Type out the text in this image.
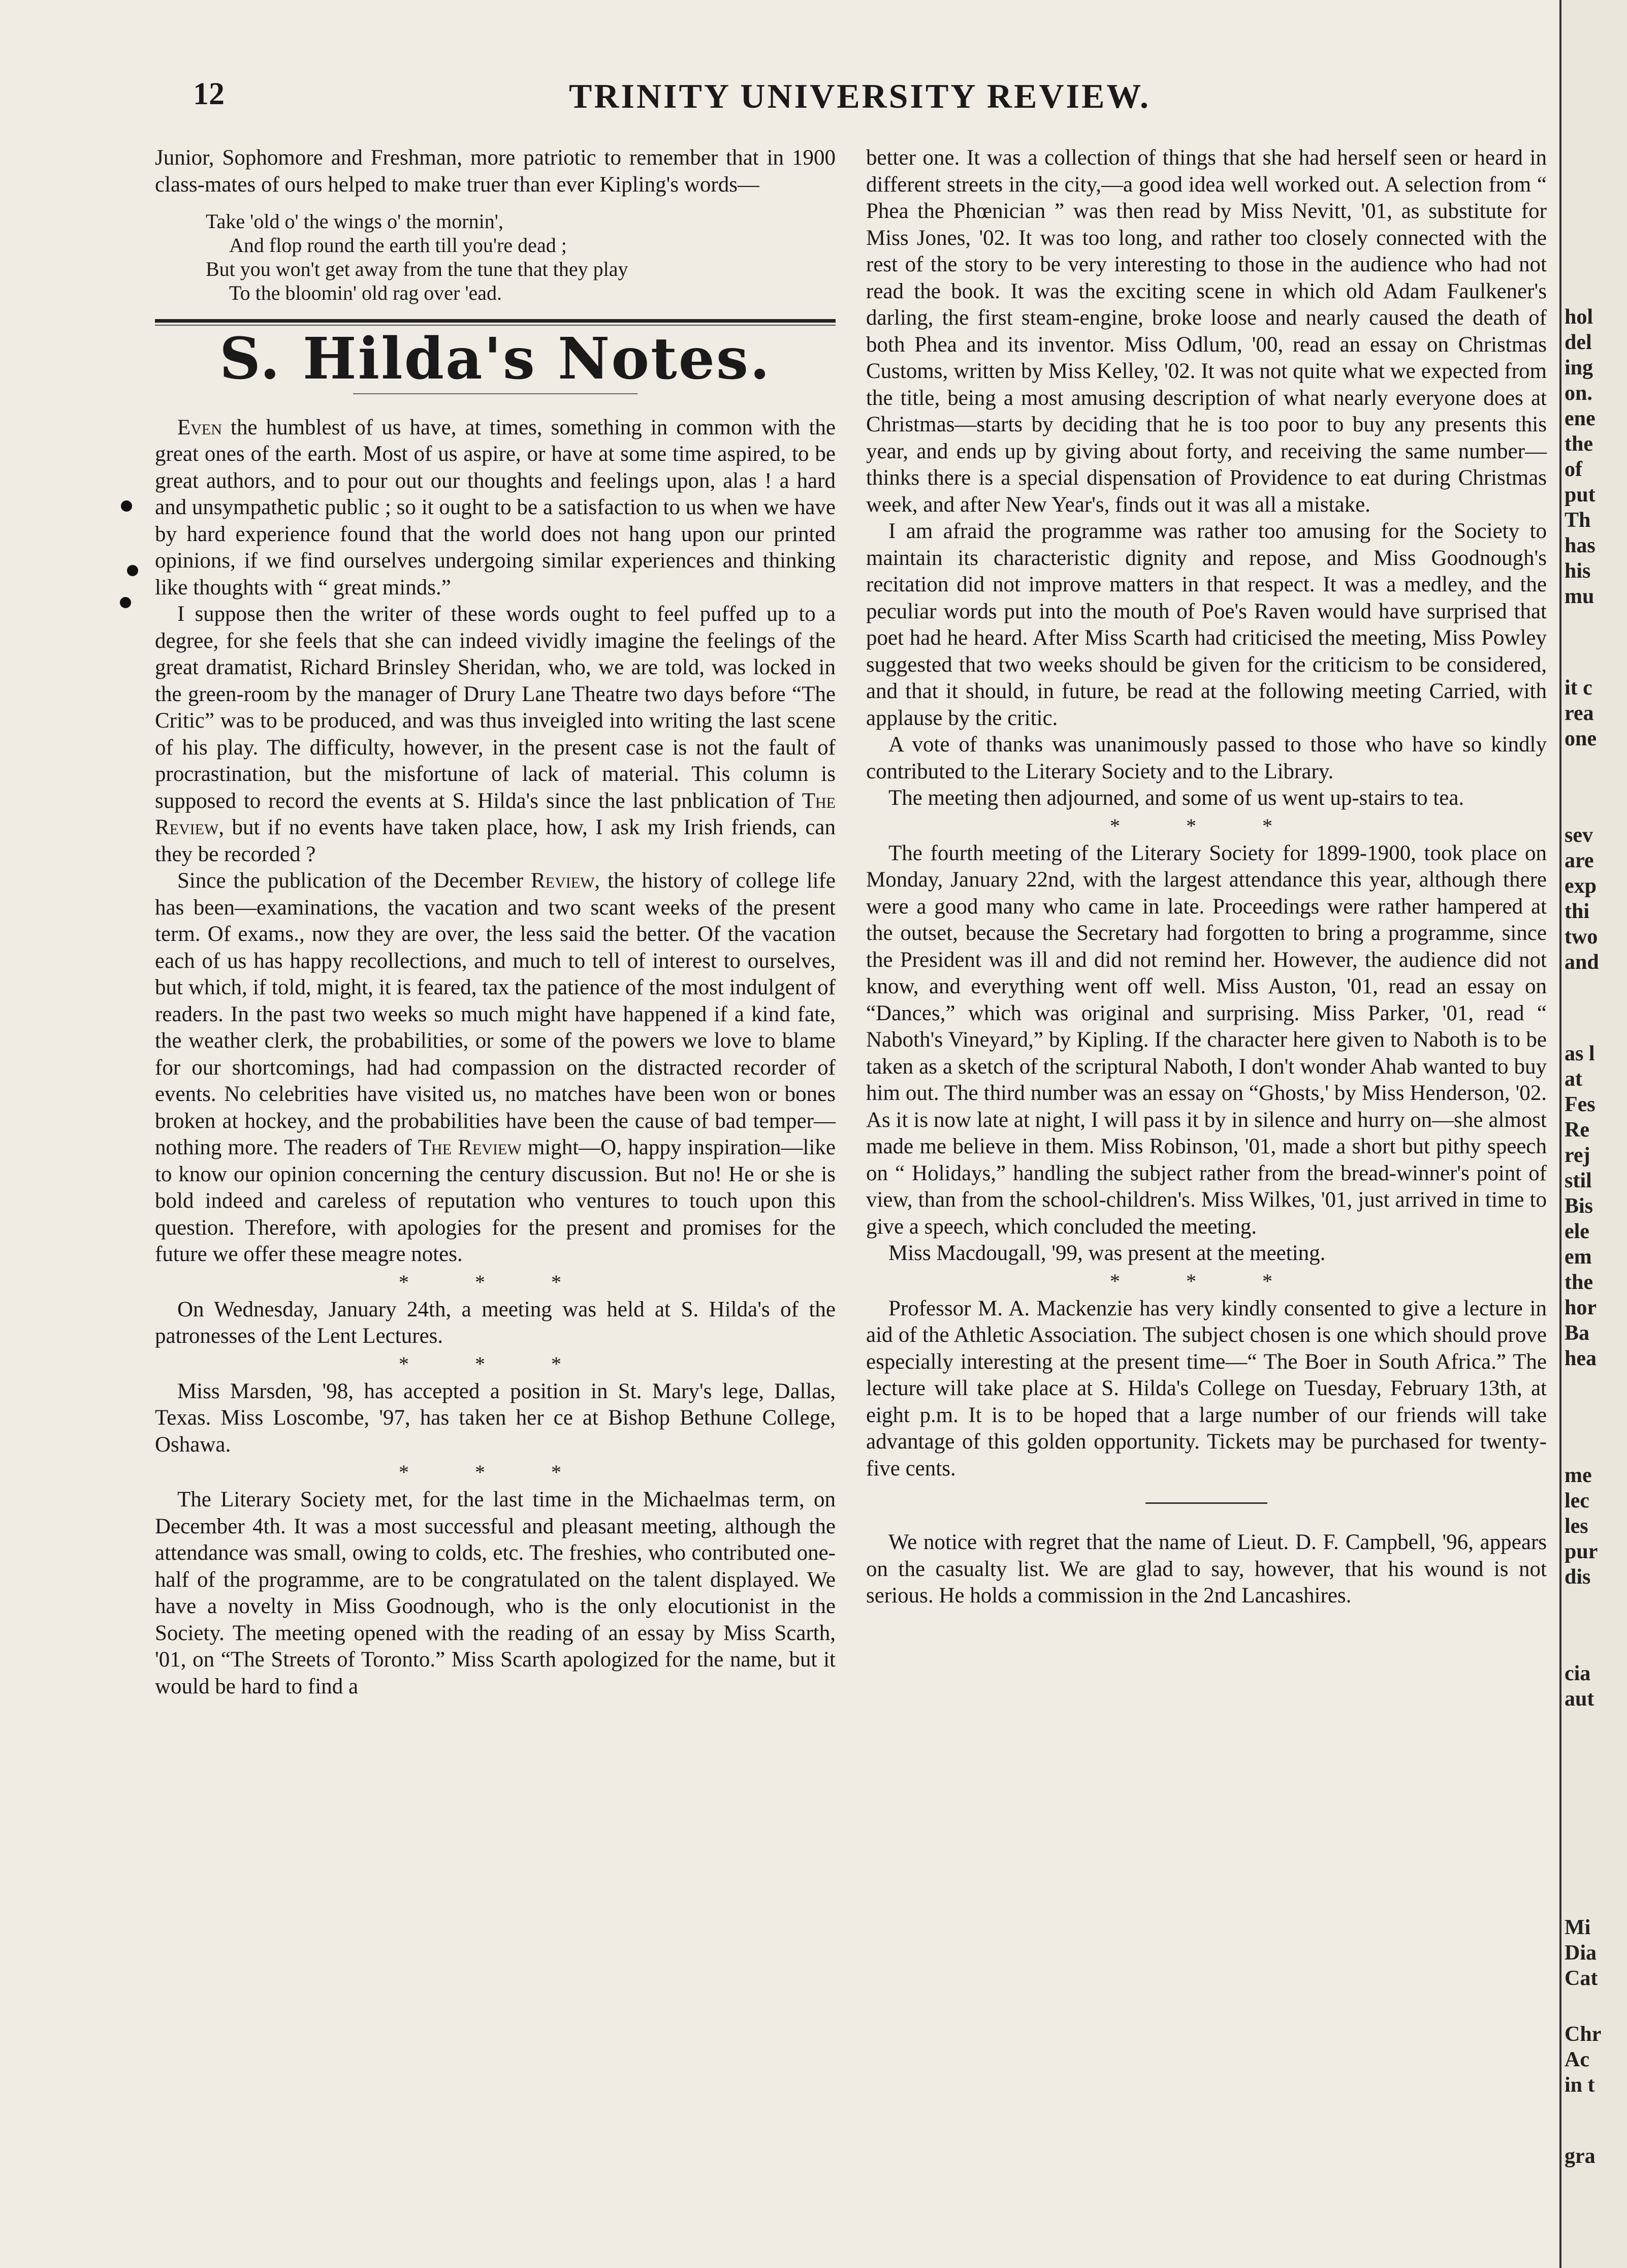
12	TRINITY UNIVERSITY REVIEW.

Junior, Sophomore and Freshman, more patriotic to remember that in 1900 class-mates of ours helped to make truer than ever Kipling's words—

Take 'old o' the wings o' the mornin',
And flop round the earth till you're dead ;
But you won't get away from the tune that they play
To the bloomin' old rag over 'ead.
S. Hilda's Notes.

Even the humblest of us have, at times, something in common with the great ones of the earth. Most of us aspire, or have at some time aspired, to be great authors, and to pour out our thoughts and feelings upon, alas ! a hard and unsympathetic public ; so it ought to be a satisfaction to us when we have by hard experience found that the world does not hang upon our printed opinions, if we find ourselves undergoing similar experiences and thinking like thoughts with “ great minds.”

I suppose then the writer of these words ought to feel puffed up to a degree, for she feels that she can indeed vividly imagine the feelings of the great dramatist, Richard Brinsley Sheridan, who, we are told, was locked in the green-room by the manager of Drury Lane Theatre two days before “The Critic” was to be produced, and was thus inveigled into writing the last scene of his play. The difficulty, however, in the present case is not the fault of procrastination, but the misfortune of lack of material. This column is supposed to record the events at S. Hilda's since the last pnblication of The Review, but if no events have taken place, how, I ask my Irish friends, can they be recorded ?

Since the publication of the December Review, the history of college life has been—examinations, the vacation and two scant weeks of the present term. Of exams., now they are over, the less said the better. Of the vacation each of us has happy recollections, and much to tell of interest to ourselves, but which, if told, might, it is feared, tax the patience of the most indulgent of readers. In the past two weeks so much might have happened if a kind fate, the weather clerk, the probabilities, or some of the powers we love to blame for our shortcomings, had had compassion on the distracted recorder of events. No celebrities have visited us, no matches have been won or bones broken at hockey, and the probabilities have been the cause of bad temper—nothing more. The readers of The Review might—O, happy inspiration—like to know our opinion concerning the century discussion. But no! He or she is bold indeed and careless of reputation who ventures to touch upon this question. Therefore, with apologies for the present and promises for the future we offer these meagre notes.

* * *

On Wednesday, January 24th, a meeting was held at S. Hilda's of the patronesses of the Lent Lectures.

* * *

Miss Marsden, '98, has accepted a position in St. Mary's lege, Dallas, Texas. Miss Loscombe, '97, has taken her ce at Bishop Bethune College, Oshawa.

* * *

The Literary Society met, for the last time in the Michaelmas term, on December 4th. It was a most successful and pleasant meeting, although the attendance was small, owing to colds, etc. The freshies, who contributed one-half of the programme, are to be congratulated on the talent displayed. We have a novelty in Miss Goodnough, who is the only elocutionist in the Society. The meeting opened with the reading of an essay by Miss Scarth, '01, on “The Streets of Toronto.” Miss Scarth apologized for the name, but it would be hard to find a

better one. It was a collection of things that she had herself seen or heard in different streets in the city,—a good idea well worked out. A selection from “ Phea the Phœnician ” was then read by Miss Nevitt, '01, as substitute for Miss Jones, '02. It was too long, and rather too closely connected with the rest of the story to be very interesting to those in the audience who had not read the book. It was the exciting scene in which old Adam Faulkener's darling, the first steam-engine, broke loose and nearly caused the death of both Phea and its inventor. Miss Odlum, '00, read an essay on Christmas Customs, written by Miss Kelley, '02. It was not quite what we expected from the title, being a most amusing description of what nearly everyone does at Christmas—starts by deciding that he is too poor to buy any presents this year, and ends up by giving about forty, and receiving the same number—thinks there is a special dispensation of Providence to eat during Christmas week, and after New Year's, finds out it was all a mistake.

I am afraid the programme was rather too amusing for the Society to maintain its characteristic dignity and repose, and Miss Goodnough's recitation did not improve matters in that respect. It was a medley, and the peculiar words put into the mouth of Poe's Raven would have surprised that poet had he heard. After Miss Scarth had criticised the meeting, Miss Powley suggested that two weeks should be given for the criticism to be considered, and that it should, in future, be read at the following meeting Carried, with applause by the critic.

A vote of thanks was unanimously passed to those who have so kindly contributed to the Literary Society and to the Library.

The meeting then adjourned, and some of us went up-stairs to tea.

* * *

The fourth meeting of the Literary Society for 1899-1900, took place on Monday, January 22nd, with the largest attendance this year, although there were a good many who came in late. Proceedings were rather hampered at the outset, because the Secretary had forgotten to bring a programme, since the President was ill and did not remind her. However, the audience did not know, and everything went off well. Miss Auston, '01, read an essay on “Dances,” which was original and surprising. Miss Parker, '01, read “ Naboth's Vineyard,” by Kipling. If the character here given to Naboth is to be taken as a sketch of the scriptural Naboth, I don't wonder Ahab wanted to buy him out. The third number was an essay on “Ghosts,' by Miss Henderson, '02. As it is now late at night, I will pass it by in silence and hurry on—she almost made me believe in them. Miss Robinson, '01, made a short but pithy speech on “ Holidays,” handling the subject rather from the bread-winner's point of view, than from the school-children's. Miss Wilkes, '01, just arrived in time to give a speech, which concluded the meeting.

Miss Macdougall, '99, was present at the meeting.

* * *

Professor M. A. Mackenzie has very kindly consented to give a lecture in aid of the Athletic Association. The subject chosen is one which should prove especially interesting at the present time—“ The Boer in South Africa.” The lecture will take place at S. Hilda's College on Tuesday, February 13th, at eight p.m. It is to be hoped that a large number of our friends will take advantage of this golden opportunity. Tickets may be purchased for twenty-five cents.

We notice with regret that the name of Lieut. D. F. Campbell, '96, appears on the casualty list. We are glad to say, however, that his wound is not serious. He holds a commission in the 2nd Lancashires.

hol
del
ing
on.
ene
the
of
put
Th
has
his
mu
it c
rea
one
sev
are
exp
thi
two
and
as l
at
Fes
Re
rej
stil
Bis
ele
em
the
hor
Ba
hea
me
lec
les
pur
dis
cia
aut
Mi
Dia
Cat
Chr
Ac
in t
gra
